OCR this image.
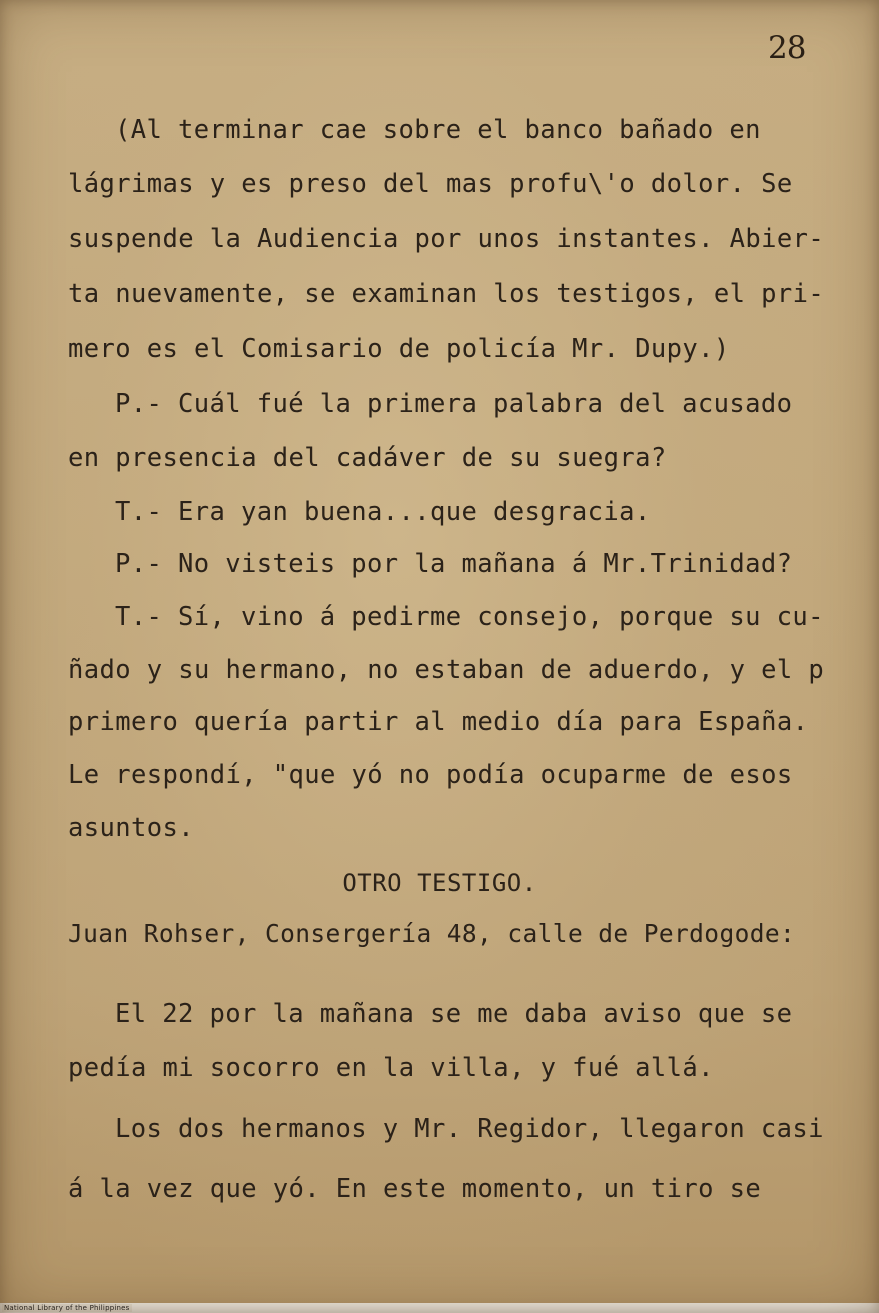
28
(Al terminar cae sobre el banco bañado en
lágrimas y es preso del mas profu\'o dolor. Se
suspende la Audiencia por unos instantes. Abier-
ta nuevamente, se examinan los testigos, el pri-
mero es el Comisario de policía Mr. Dupy.)
P.- Cuál fué la primera palabra del acusado
en presencia del cadáver de su suegra?
T.- Era yan buena...que desgracia.
P.- No visteis por la mañana á Mr.Trinidad?
T.- Sí, vino á pedirme consejo, porque su cu-
ñado y su hermano, no estaban de aduerdo, y el p
primero quería partir al medio día para España.
Le respondí, "que yó no podía ocuparme de esos
asuntos.
OTRO TESTIGO.
Juan Rohser, Consergería 48, calle de Perdogode:
El 22 por la mañana se me daba aviso que se
pedía mi socorro en la villa, y fué allá.
Los dos hermanos y Mr. Regidor, llegaron casi
á la vez que yó. En este momento, un tiro se
National Library of the Philippines
